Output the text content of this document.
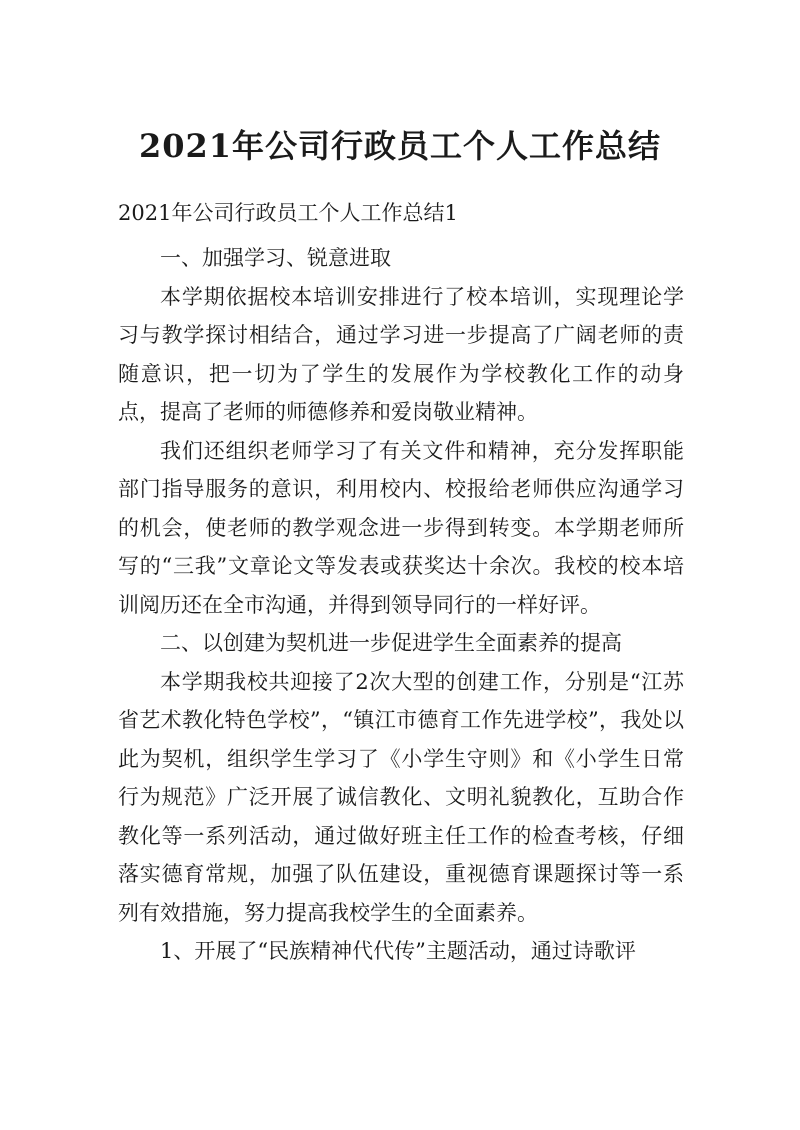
2021年公司行政员工个人工作总结

2021年公司行政员工个人工作总结1

一、加强学习、锐意进取

本学期依据校本培训安排进行了校本培训，实现理论学习与教学探讨相结合，通过学习进一步提高了广阔老师的责随意识，把一切为了学生的发展作为学校教化工作的动身点，提高了老师的师德修养和爱岗敬业精神。

我们还组织老师学习了有关文件和精神，充分发挥职能部门指导服务的意识，利用校内、校报给老师供应沟通学习的机会，使老师的教学观念进一步得到转变。本学期老师所写的“三我”文章论文等发表或获奖达十余次。我校的校本培训阅历还在全市沟通，并得到领导同行的一样好评。

二、以创建为契机进一步促进学生全面素养的提高

本学期我校共迎接了2次大型的创建工作，分别是“江苏省艺术教化特色学校”，“镇江市德育工作先进学校”，我处以此为契机，组织学生学习了《小学生守则》和《小学生日常行为规范》广泛开展了诚信教化、文明礼貌教化，互助合作教化等一系列活动，通过做好班主任工作的检查考核，仔细落实德育常规，加强了队伍建设，重视德育课题探讨等一系列有效措施，努力提高我校学生的全面素养。

1、开展了“民族精神代代传”主题活动，通过诗歌评
